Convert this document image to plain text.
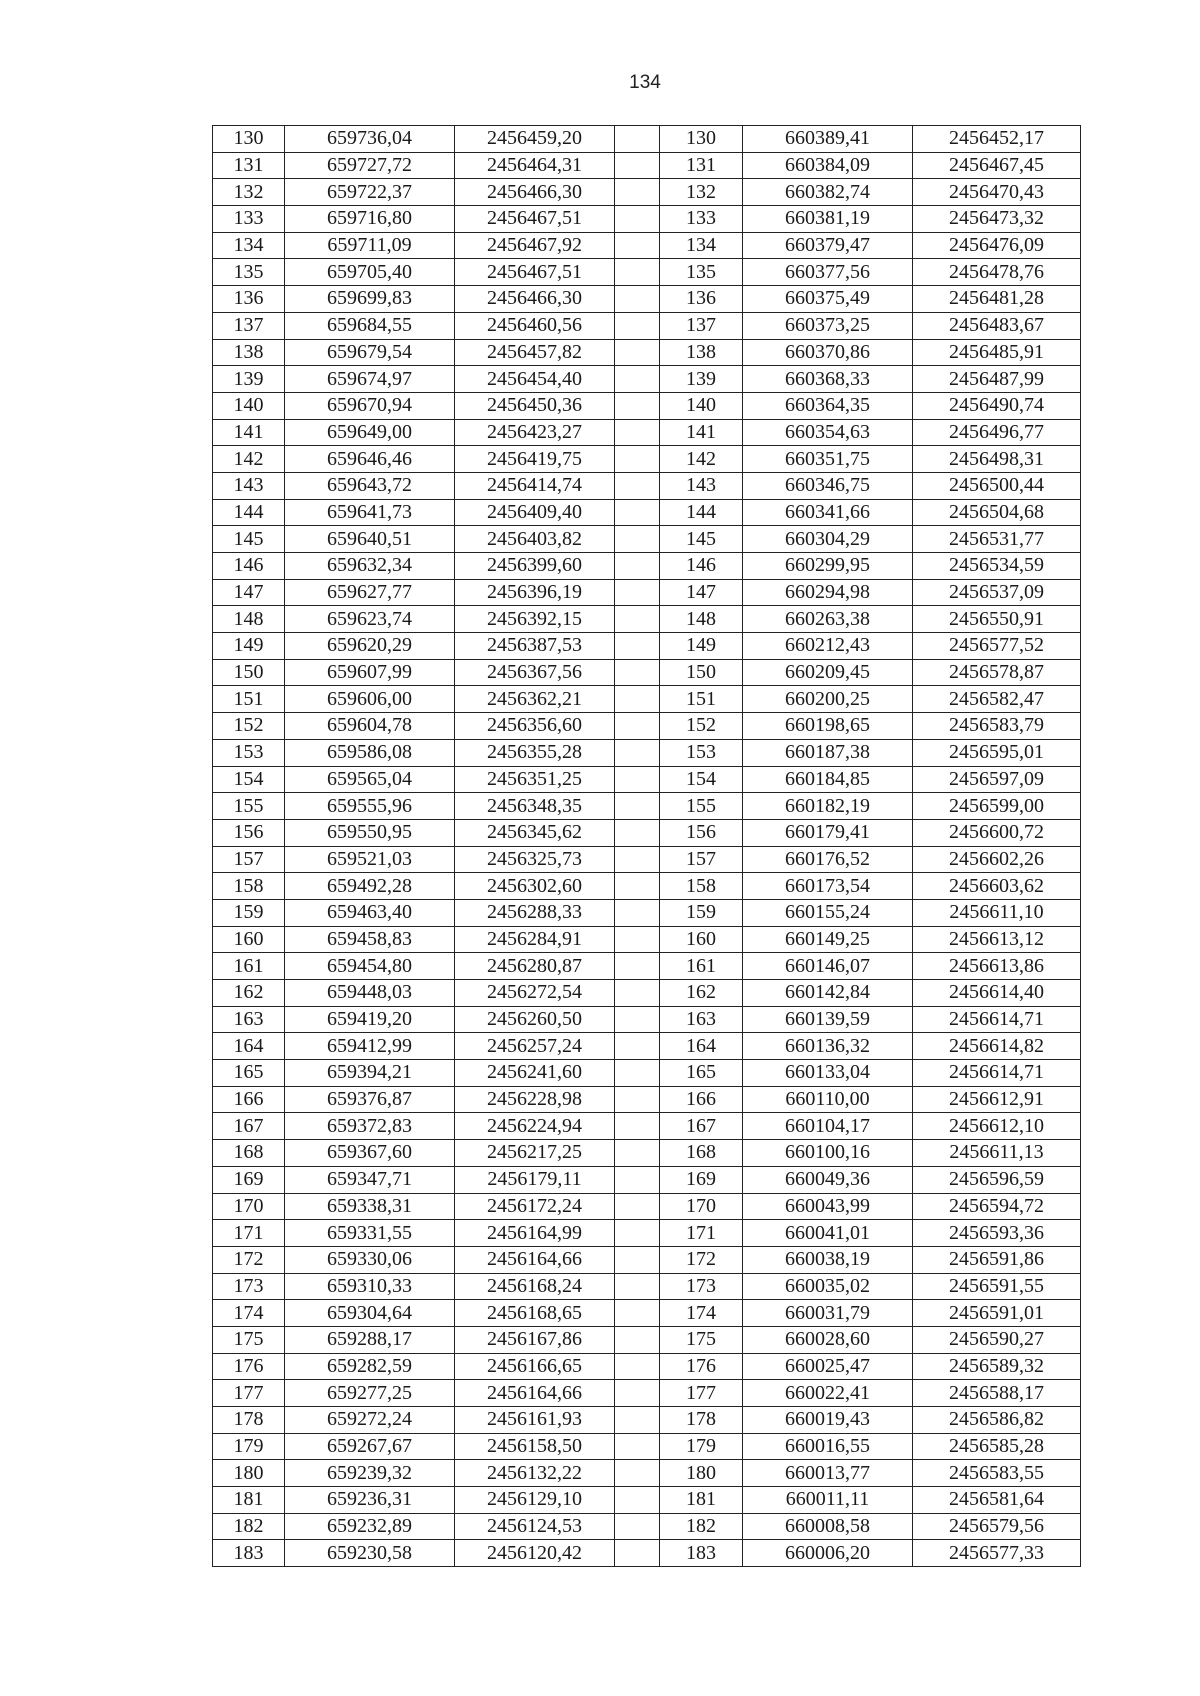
134
130	659736,04	2456459,20		130	660389,41	2456452,17
131	659727,72	2456464,31		131	660384,09	2456467,45
132	659722,37	2456466,30		132	660382,74	2456470,43
133	659716,80	2456467,51		133	660381,19	2456473,32
134	659711,09	2456467,92		134	660379,47	2456476,09
135	659705,40	2456467,51		135	660377,56	2456478,76
136	659699,83	2456466,30		136	660375,49	2456481,28
137	659684,55	2456460,56		137	660373,25	2456483,67
138	659679,54	2456457,82		138	660370,86	2456485,91
139	659674,97	2456454,40		139	660368,33	2456487,99
140	659670,94	2456450,36		140	660364,35	2456490,74
141	659649,00	2456423,27		141	660354,63	2456496,77
142	659646,46	2456419,75		142	660351,75	2456498,31
143	659643,72	2456414,74		143	660346,75	2456500,44
144	659641,73	2456409,40		144	660341,66	2456504,68
145	659640,51	2456403,82		145	660304,29	2456531,77
146	659632,34	2456399,60		146	660299,95	2456534,59
147	659627,77	2456396,19		147	660294,98	2456537,09
148	659623,74	2456392,15		148	660263,38	2456550,91
149	659620,29	2456387,53		149	660212,43	2456577,52
150	659607,99	2456367,56		150	660209,45	2456578,87
151	659606,00	2456362,21		151	660200,25	2456582,47
152	659604,78	2456356,60		152	660198,65	2456583,79
153	659586,08	2456355,28		153	660187,38	2456595,01
154	659565,04	2456351,25		154	660184,85	2456597,09
155	659555,96	2456348,35		155	660182,19	2456599,00
156	659550,95	2456345,62		156	660179,41	2456600,72
157	659521,03	2456325,73		157	660176,52	2456602,26
158	659492,28	2456302,60		158	660173,54	2456603,62
159	659463,40	2456288,33		159	660155,24	2456611,10
160	659458,83	2456284,91		160	660149,25	2456613,12
161	659454,80	2456280,87		161	660146,07	2456613,86
162	659448,03	2456272,54		162	660142,84	2456614,40
163	659419,20	2456260,50		163	660139,59	2456614,71
164	659412,99	2456257,24		164	660136,32	2456614,82
165	659394,21	2456241,60		165	660133,04	2456614,71
166	659376,87	2456228,98		166	660110,00	2456612,91
167	659372,83	2456224,94		167	660104,17	2456612,10
168	659367,60	2456217,25		168	660100,16	2456611,13
169	659347,71	2456179,11		169	660049,36	2456596,59
170	659338,31	2456172,24		170	660043,99	2456594,72
171	659331,55	2456164,99		171	660041,01	2456593,36
172	659330,06	2456164,66		172	660038,19	2456591,86
173	659310,33	2456168,24		173	660035,02	2456591,55
174	659304,64	2456168,65		174	660031,79	2456591,01
175	659288,17	2456167,86		175	660028,60	2456590,27
176	659282,59	2456166,65		176	660025,47	2456589,32
177	659277,25	2456164,66		177	660022,41	2456588,17
178	659272,24	2456161,93		178	660019,43	2456586,82
179	659267,67	2456158,50		179	660016,55	2456585,28
180	659239,32	2456132,22		180	660013,77	2456583,55
181	659236,31	2456129,10		181	660011,11	2456581,64
182	659232,89	2456124,53		182	660008,58	2456579,56
183	659230,58	2456120,42		183	660006,20	2456577,33
